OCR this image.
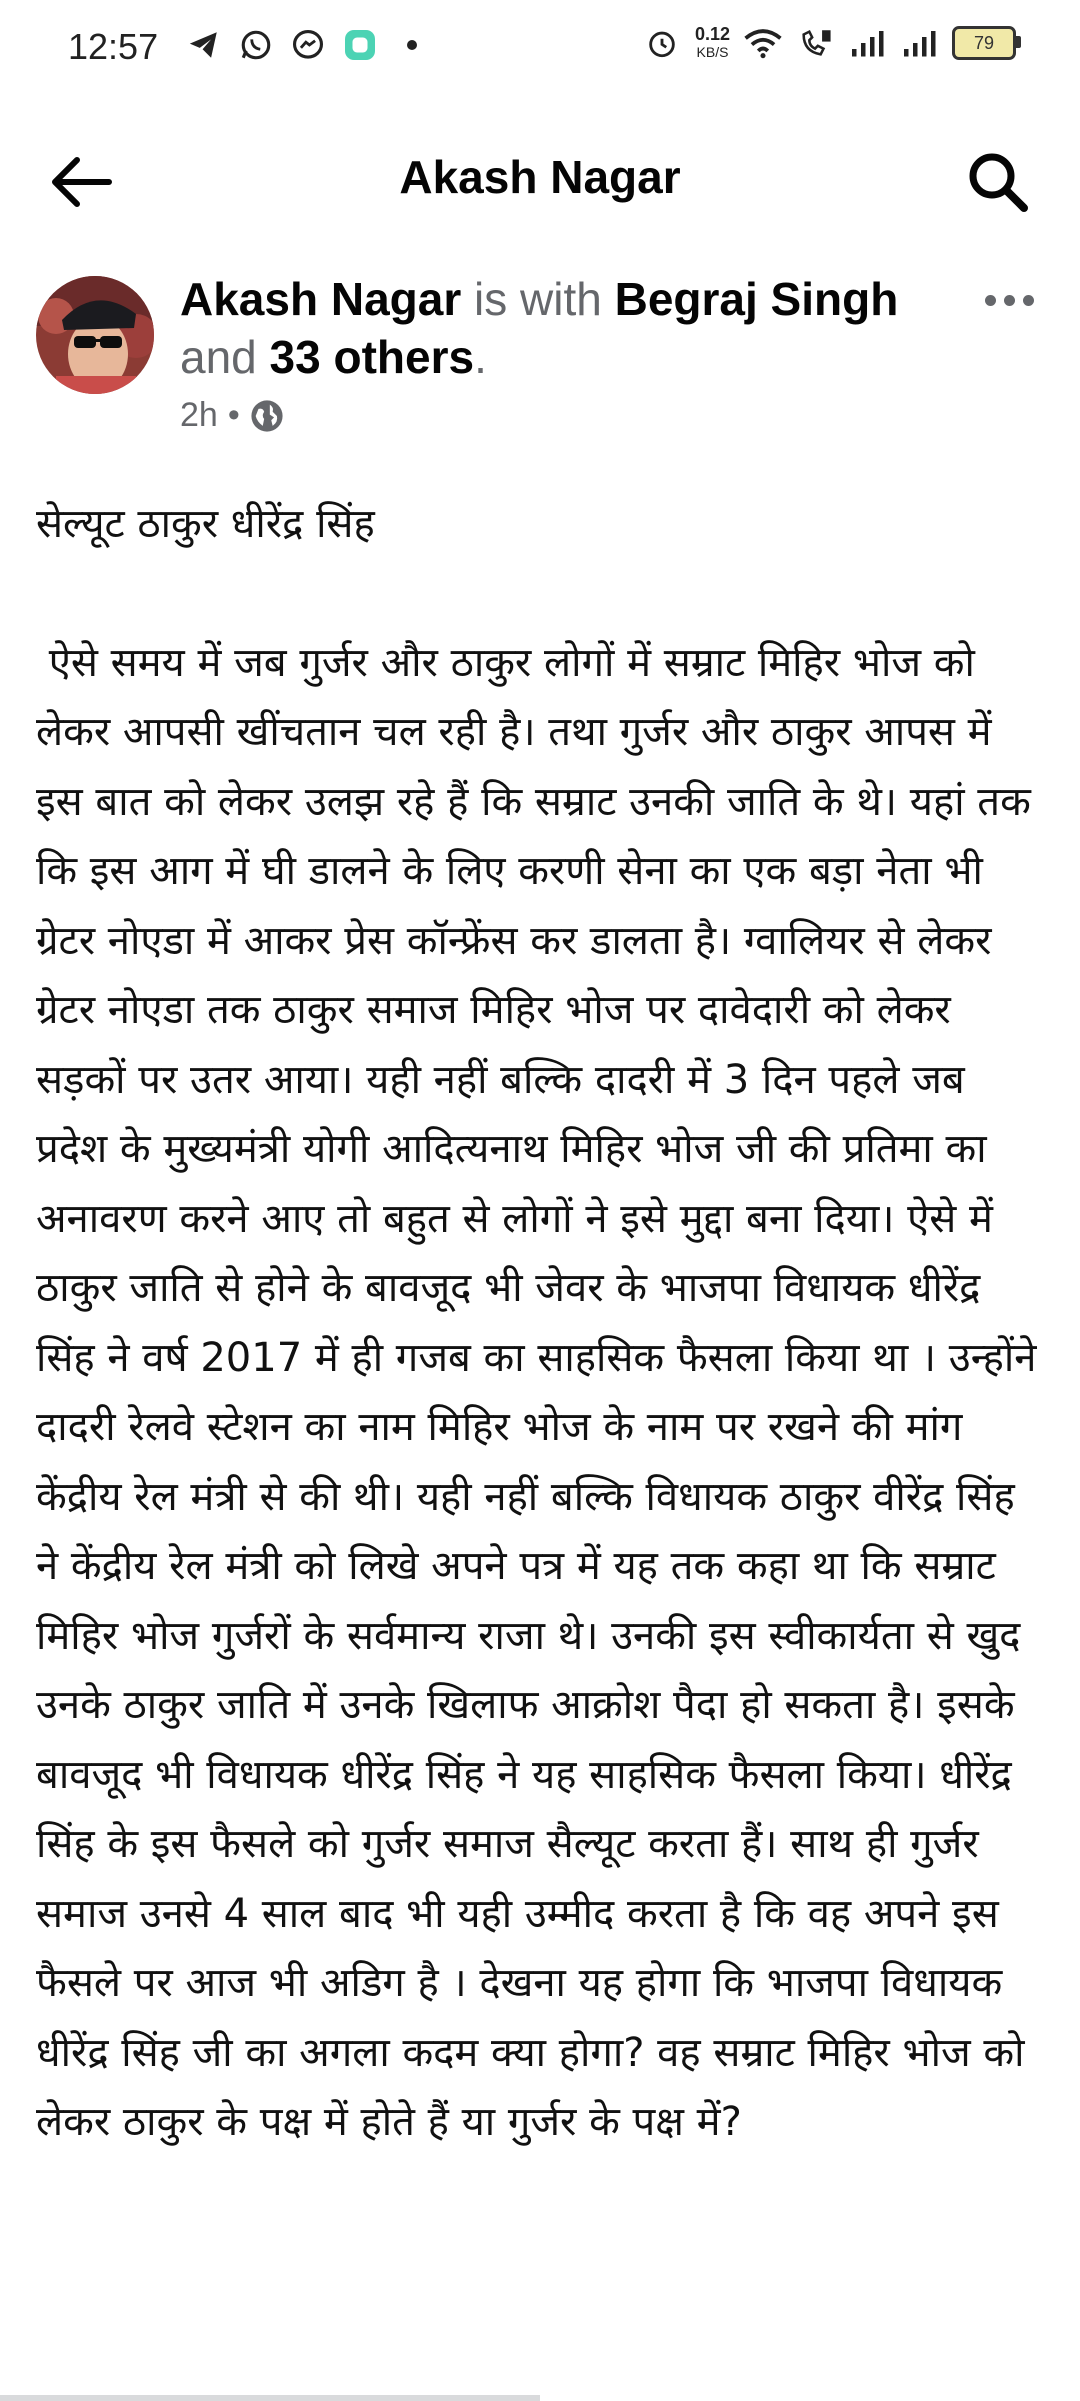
12:57	0.12
KB/S	79
Akash Nagar
Akash Nagar is with Begraj Singh
and 33 others.
2h •

सेल्यूट ठाकुर धीरेंद्र सिंह

ऐसे समय में जब गुर्जर और ठाकुर लोगों में सम्राट मिहिर भोज को लेकर आपसी खींचतान चल रही है। तथा गुर्जर और ठाकुर आपस में इस बात को लेकर उलझ रहे हैं कि सम्राट उनकी जाति के थे। यहां तक कि इस आग में घी डालने के लिए करणी सेना का एक बड़ा नेता भी ग्रेटर नोएडा में आकर प्रेस कॉन्फ्रेंस कर डालता है। ग्वालियर से लेकर ग्रेटर नोएडा तक ठाकुर समाज मिहिर भोज पर दावेदारी को लेकर सड़कों पर उतर आया। यही नहीं बल्कि दादरी में 3 दिन पहले जब प्रदेश के मुख्यमंत्री योगी आदित्यनाथ मिहिर भोज जी की प्रतिमा का अनावरण करने आए तो बहुत से लोगों ने इसे मुद्दा बना दिया। ऐसे में ठाकुर जाति से होने के बावजूद भी जेवर के भाजपा विधायक धीरेंद्र सिंह ने वर्ष 2017 में ही गजब का साहसिक फैसला किया था । उन्होंने दादरी रेलवे स्टेशन का नाम मिहिर भोज के नाम पर रखने की मांग केंद्रीय रेल मंत्री से की थी। यही नहीं बल्कि विधायक ठाकुर वीरेंद्र सिंह ने केंद्रीय रेल मंत्री को लिखे अपने पत्र में यह तक कहा था कि सम्राट मिहिर भोज गुर्जरों के सर्वमान्य राजा थे। उनकी इस स्वीकार्यता से खुद उनके ठाकुर जाति में उनके खिलाफ आक्रोश पैदा हो सकता है। इसके बावजूद भी विधायक धीरेंद्र सिंह ने यह साहसिक फैसला किया। धीरेंद्र सिंह के इस फैसले को गुर्जर समाज सैल्यूट करता हैं। साथ ही गुर्जर समाज उनसे 4 साल बाद भी यही उम्मीद करता है कि वह अपने इस फैसले पर आज भी अडिग है । देखना यह होगा कि भाजपा विधायक धीरेंद्र सिंह जी का अगला कदम क्या होगा? वह सम्राट मिहिर भोज को लेकर ठाकुर के पक्ष में होते हैं या गुर्जर के पक्ष में?
